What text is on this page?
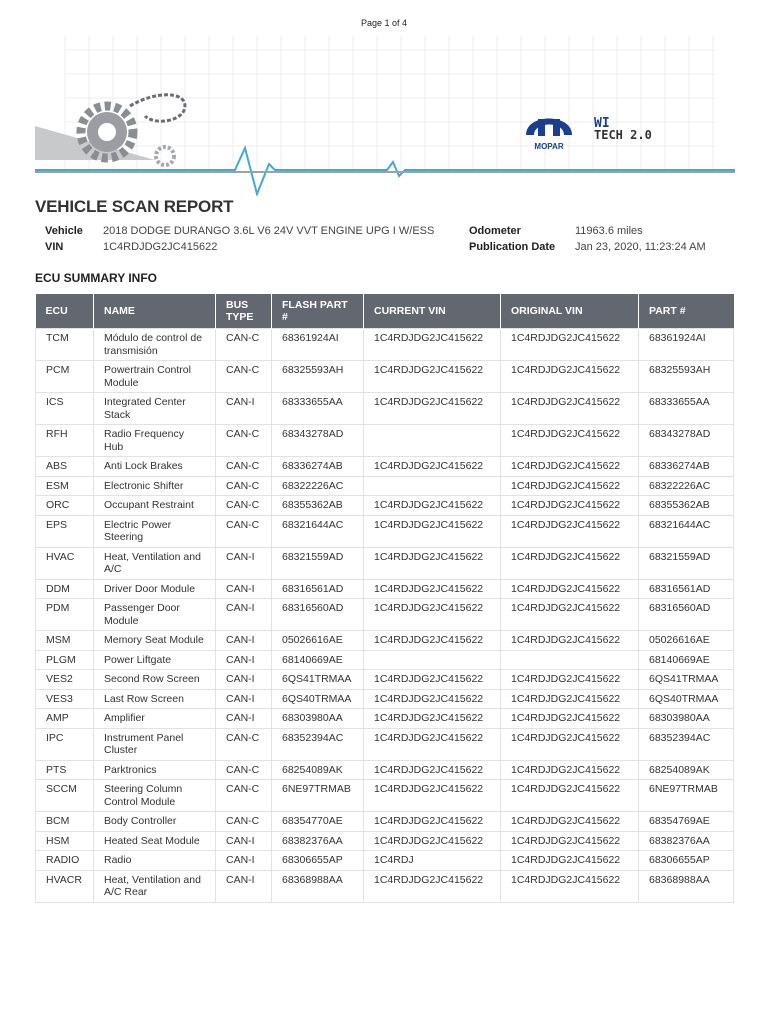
Page 1 of 4
MOPAR
WI
TECH 2.0
VEHICLE SCAN REPORT
Vehicle	2018 DODGE DURANGO 3.6L V6 24V VVT ENGINE UPG I W/ESS	Odometer	11963.6 miles
VIN	1C4RDJDG2JC415622	Publication Date	Jan 23, 2020, 11:23:24 AM
ECU SUMMARY INFO
ECU	NAME	BUS TYPE	FLASH PART #	CURRENT VIN	ORIGINAL VIN	PART #
TCM	Módulo de control de transmisión	CAN-C	68361924AI	1C4RDJDG2JC415622	1C4RDJDG2JC415622	68361924AI
PCM	Powertrain Control Module	CAN-C	68325593AH	1C4RDJDG2JC415622	1C4RDJDG2JC415622	68325593AH
ICS	Integrated Center Stack	CAN-I	68333655AA	1C4RDJDG2JC415622	1C4RDJDG2JC415622	68333655AA
RFH	Radio Frequency Hub	CAN-C	68343278AD		1C4RDJDG2JC415622	68343278AD
ABS	Anti Lock Brakes	CAN-C	68336274AB	1C4RDJDG2JC415622	1C4RDJDG2JC415622	68336274AB
ESM	Electronic Shifter	CAN-C	68322226AC		1C4RDJDG2JC415622	68322226AC
ORC	Occupant Restraint	CAN-C	68355362AB	1C4RDJDG2JC415622	1C4RDJDG2JC415622	68355362AB
EPS	Electric Power Steering	CAN-C	68321644AC	1C4RDJDG2JC415622	1C4RDJDG2JC415622	68321644AC
HVAC	Heat, Ventilation and A/C	CAN-I	68321559AD	1C4RDJDG2JC415622	1C4RDJDG2JC415622	68321559AD
DDM	Driver Door Module	CAN-I	68316561AD	1C4RDJDG2JC415622	1C4RDJDG2JC415622	68316561AD
PDM	Passenger Door Module	CAN-I	68316560AD	1C4RDJDG2JC415622	1C4RDJDG2JC415622	68316560AD
MSM	Memory Seat Module	CAN-I	05026616AE	1C4RDJDG2JC415622	1C4RDJDG2JC415622	05026616AE
PLGM	Power Liftgate	CAN-I	68140669AE			68140669AE
VES2	Second Row Screen	CAN-I	6QS41TRMAA	1C4RDJDG2JC415622	1C4RDJDG2JC415622	6QS41TRMAA
VES3	Last Row Screen	CAN-I	6QS40TRMAA	1C4RDJDG2JC415622	1C4RDJDG2JC415622	6QS40TRMAA
AMP	Amplifier	CAN-I	68303980AA	1C4RDJDG2JC415622	1C4RDJDG2JC415622	68303980AA
IPC	Instrument Panel Cluster	CAN-C	68352394AC	1C4RDJDG2JC415622	1C4RDJDG2JC415622	68352394AC
PTS	Parktronics	CAN-C	68254089AK	1C4RDJDG2JC415622	1C4RDJDG2JC415622	68254089AK
SCCM	Steering Column Control Module	CAN-C	6NE97TRMAB	1C4RDJDG2JC415622	1C4RDJDG2JC415622	6NE97TRMAB
BCM	Body Controller	CAN-C	68354770AE	1C4RDJDG2JC415622	1C4RDJDG2JC415622	68354769AE
HSM	Heated Seat Module	CAN-I	68382376AA	1C4RDJDG2JC415622	1C4RDJDG2JC415622	68382376AA
RADIO	Radio	CAN-I	68306655AP	1C4RDJ	1C4RDJDG2JC415622	68306655AP
HVACR	Heat, Ventilation and A/C Rear	CAN-I	68368988AA	1C4RDJDG2JC415622	1C4RDJDG2JC415622	68368988AA
